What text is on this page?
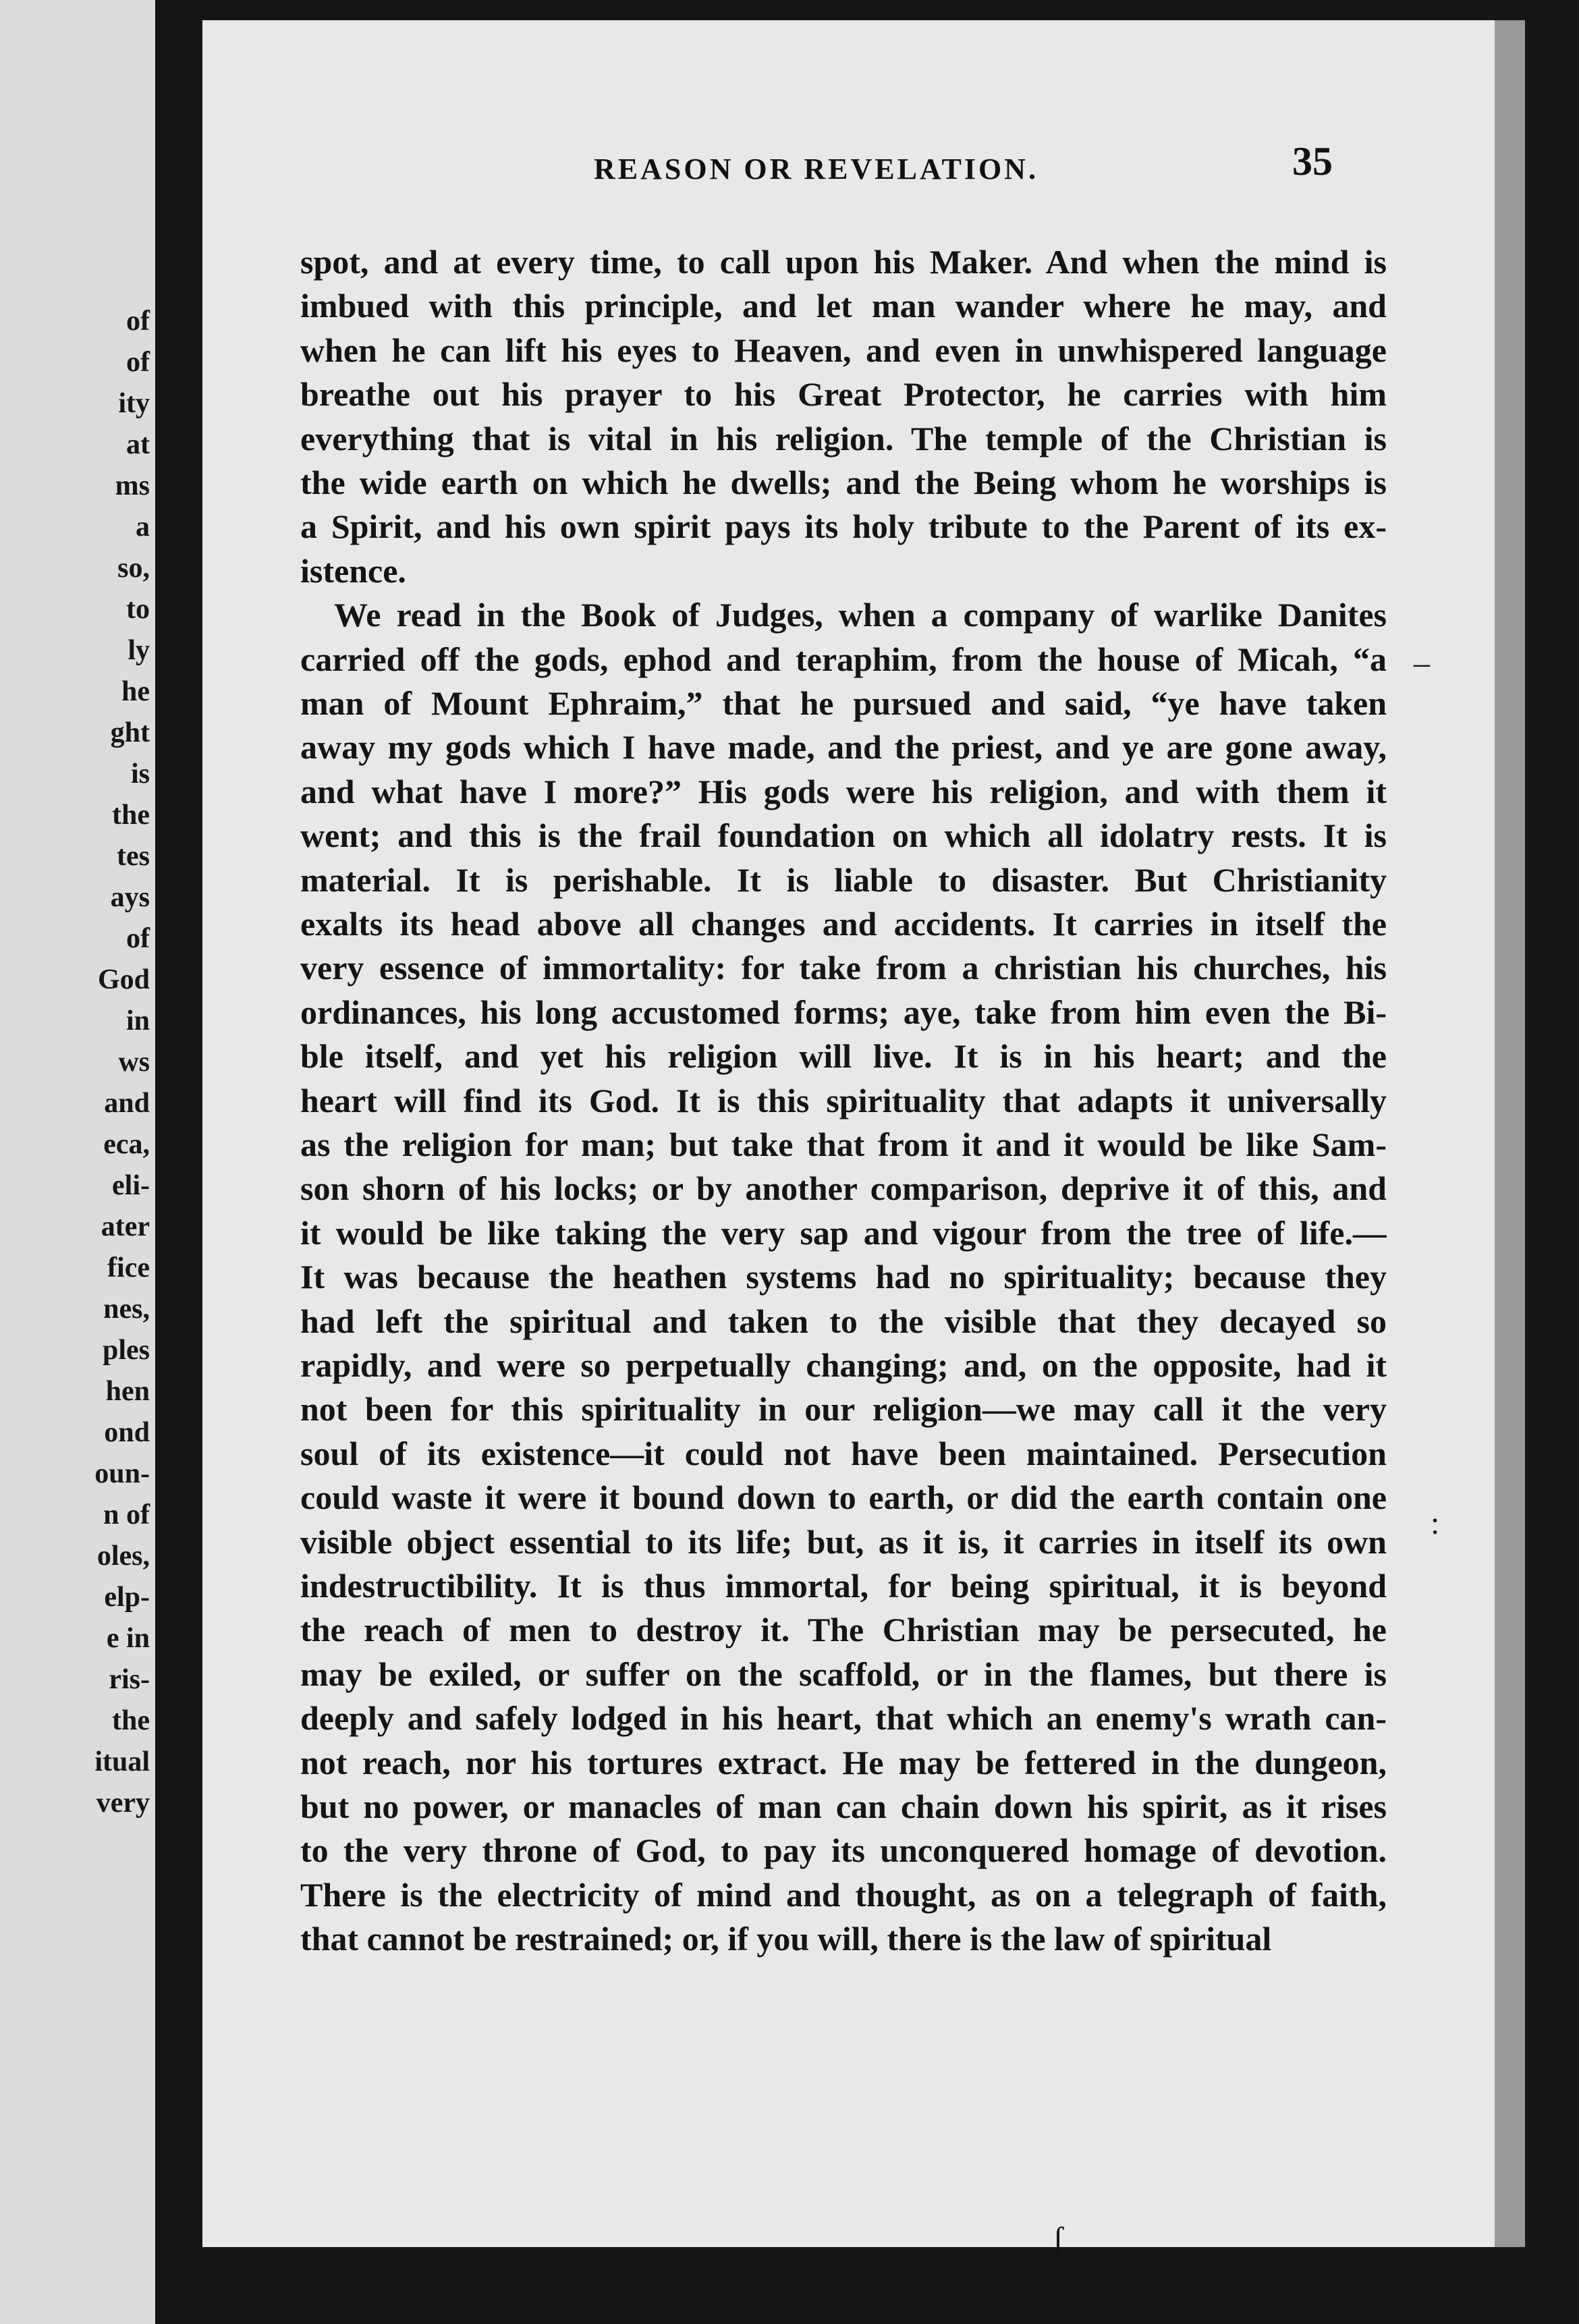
of
of
ity
at
ms
a
so,
to
ly
he
ght
is
the
tes
ays
of
God
in
ws
and
eca,
eli-
ater
fice
nes,
ples
hen
ond
oun-
n of
oles,
elp-
e in
ris-
the
itual
very
REASON OR REVELATION.	35
spot, and at every time, to call upon his Maker. And when the mind is
imbued with this principle, and let man wander where he may, and
when he can lift his eyes to Heaven, and even in unwhispered language
breathe out his prayer to his Great Protector, he carries with him
everything that is vital in his religion. The temple of the Christian is
the wide earth on which he dwells; and the Being whom he worships is
a Spirit, and his own spirit pays its holy tribute to the Parent of its ex-
istence.
We read in the Book of Judges, when a company of warlike Danites
carried off the gods, ephod and teraphim, from the house of Micah, “a
man of Mount Ephraim,” that he pursued and said, “ye have taken
away my gods which I have made, and the priest, and ye are gone away,
and what have I more?” His gods were his religion, and with them it
went; and this is the frail foundation on which all idolatry rests. It is
material. It is perishable. It is liable to disaster. But Christianity
exalts its head above all changes and accidents. It carries in itself the
very essence of immortality: for take from a christian his churches, his
ordinances, his long accustomed forms; aye, take from him even the Bi-
ble itself, and yet his religion will live. It is in his heart; and the
heart will find its God. It is this spirituality that adapts it universally
as the religion for man; but take that from it and it would be like Sam-
son shorn of his locks; or by another comparison, deprive it of this, and
it would be like taking the very sap and vigour from the tree of life.—
It was because the heathen systems had no spirituality; because they
had left the spiritual and taken to the visible that they decayed so
rapidly, and were so perpetually changing; and, on the opposite, had it
not been for this spirituality in our religion—we may call it the very
soul of its existence—it could not have been maintained. Persecution
could waste it were it bound down to earth, or did the earth contain one
visible object essential to its life; but, as it is, it carries in itself its own
indestructibility. It is thus immortal, for being spiritual, it is beyond
the reach of men to destroy it. The Christian may be persecuted, he
may be exiled, or suffer on the scaffold, or in the flames, but there is
deeply and safely lodged in his heart, that which an enemy's wrath can-
not reach, nor his tortures extract. He may be fettered in the dungeon,
but no power, or manacles of man can chain down his spirit, as it rises
to the very throne of God, to pay its unconquered homage of devotion.
There is the electricity of mind and thought, as on a telegraph of faith,
that cannot be restrained; or, if you will, there is the law of spiritual
–
:
ʃ
